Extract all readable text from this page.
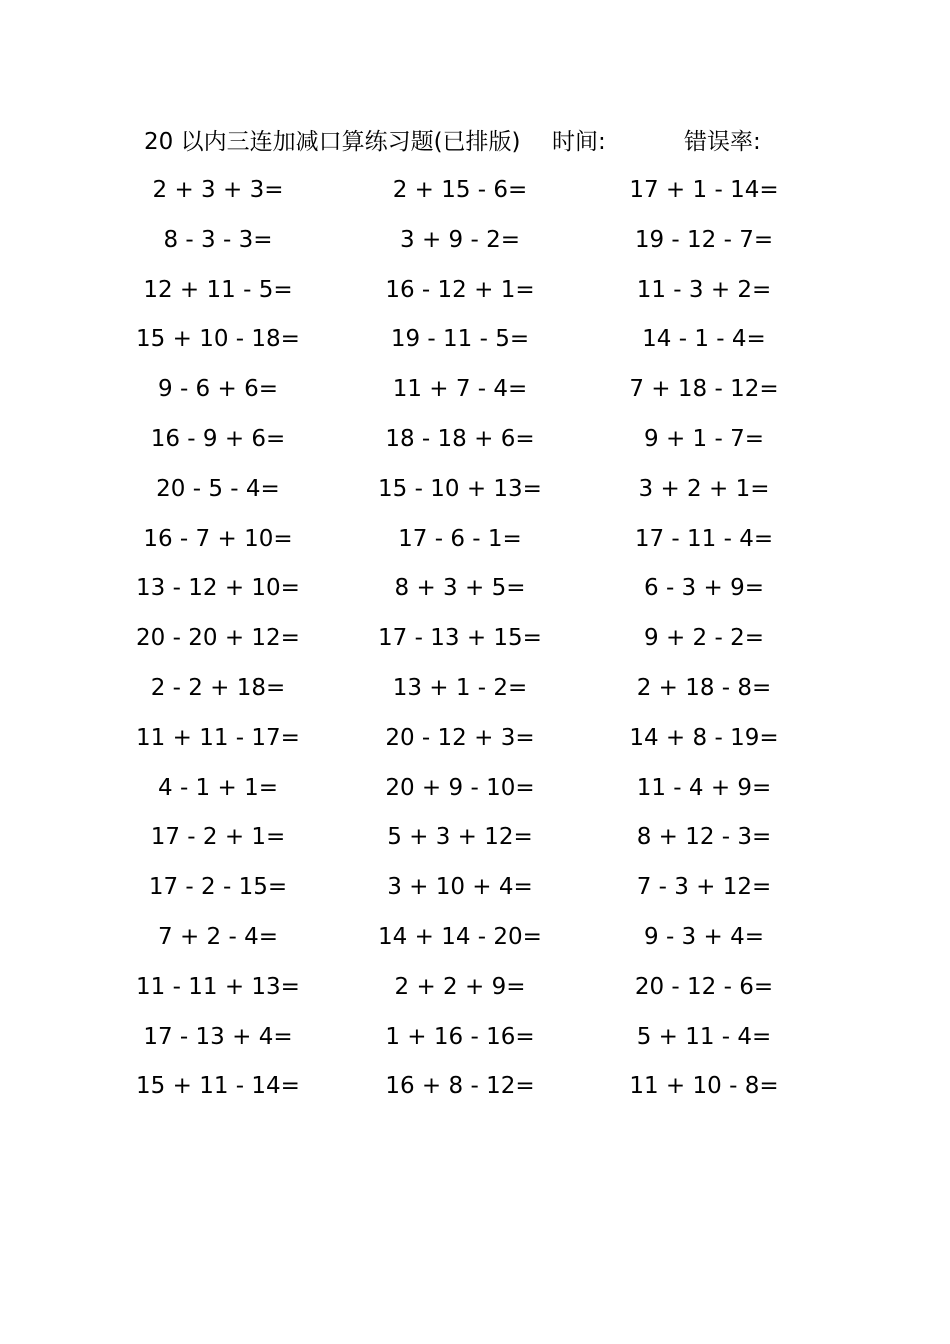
20 以内三连加减口算练习题(已排版) 时间:	错误率:
2 + 3 + 3=	2 + 15 - 6=	17 + 1 - 14=
8 - 3 - 3=	3 + 9 - 2=	19 - 12 - 7=
12 + 11 - 5=	16 - 12 + 1=	11 - 3 + 2=
15 + 10 - 18=	19 - 11 - 5=	14 - 1 - 4=
9 - 6 + 6=	11 + 7 - 4=	7 + 18 - 12=
16 - 9 + 6=	18 - 18 + 6=	9 + 1 - 7=
20 - 5 - 4=	15 - 10 + 13=	3 + 2 + 1=
16 - 7 + 10=	17 - 6 - 1=	17 - 11 - 4=
13 - 12 + 10=	8 + 3 + 5=	6 - 3 + 9=
20 - 20 + 12=	17 - 13 + 15=	9 + 2 - 2=
2 - 2 + 18=	13 + 1 - 2=	2 + 18 - 8=
11 + 11 - 17=	20 - 12 + 3=	14 + 8 - 19=
4 - 1 + 1=	20 + 9 - 10=	11 - 4 + 9=
17 - 2 + 1=	5 + 3 + 12=	8 + 12 - 3=
17 - 2 - 15=	3 + 10 + 4=	7 - 3 + 12=
7 + 2 - 4=	14 + 14 - 20=	9 - 3 + 4=
11 - 11 + 13=	2 + 2 + 9=	20 - 12 - 6=
17 - 13 + 4=	1 + 16 - 16=	5 + 11 - 4=
15 + 11 - 14=	16 + 8 - 12=	11 + 10 - 8=
